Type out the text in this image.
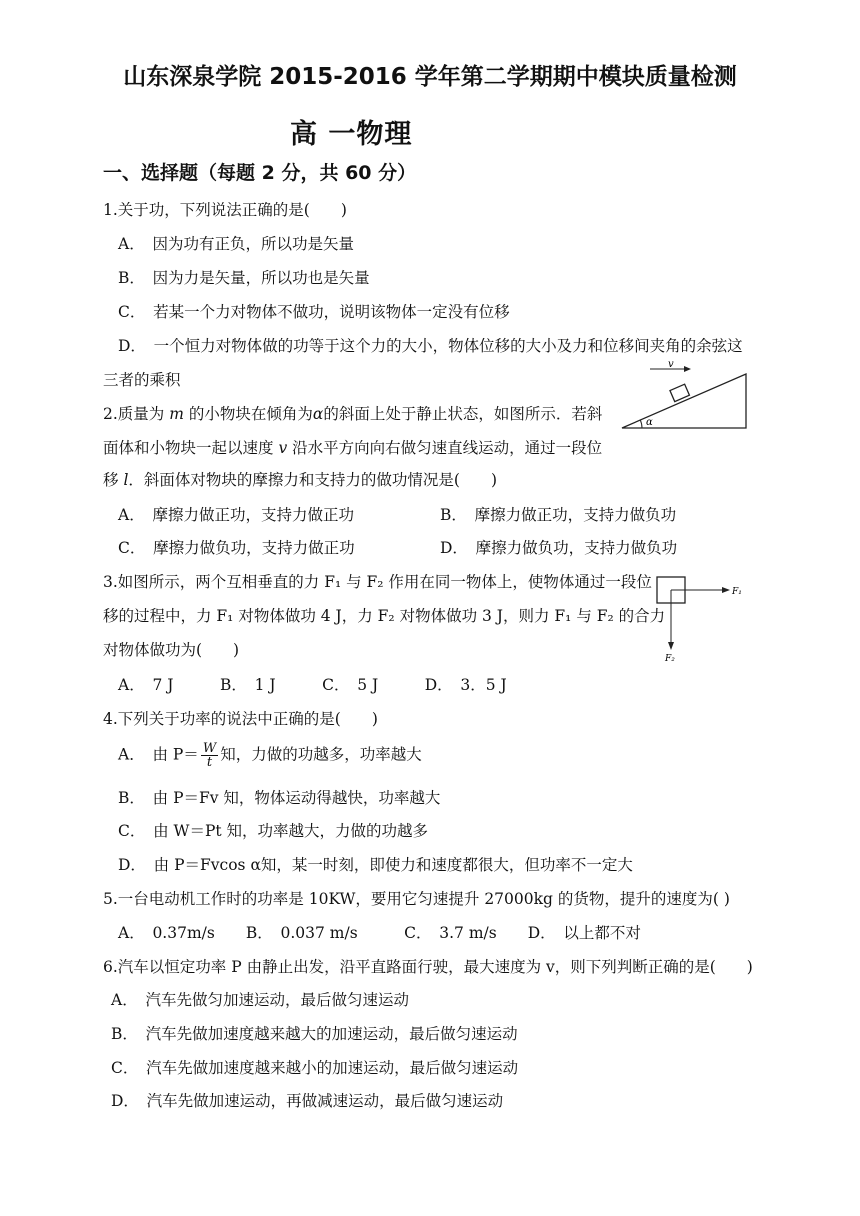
山东深泉学院 2015-2016 学年第二学期期中模块质量检测
高 一物理
一、选择题（每题 2 分，共 60 分）
1.关于功，下列说法正确的是(　　)
A．　因为功有正负，所以功是矢量
B．　因为力是矢量，所以功也是矢量
C．　若某一个力对物体不做功，说明该物体一定没有位移
D．　一个恒力对物体做的功等于这个力的大小，物体位移的大小及力和位移间夹角的余弦这
三者的乘积
2.质量为 m 的小物块在倾角为α的斜面上处于静止状态，如图所示．若斜
面体和小物块一起以速度 v 沿水平方向向右做匀速直线运动，通过一段位
移 l．斜面体对物块的摩擦力和支持力的做功情况是(　　)
A．　摩擦力做正功，支持力做正功	B．　摩擦力做正功，支持力做负功
C．　摩擦力做负功，支持力做正功	D．　摩擦力做负功，支持力做负功
v
α
3.如图所示，两个互相垂直的力 F₁ 与 F₂ 作用在同一物体上，使物体通过一段位
移的过程中，力 F₁ 对物体做功 4 J，力 F₂ 对物体做功 3 J，则力 F₁ 与 F₂ 的合力
对物体做功为(　　)
A．　7 J　　　B．　1 J　　　C．　5 J　　　D．　3．5 J
F₁
F₂
4.下列关于功率的说法中正确的是(　　)
A．　由 $P= \frac{W}{t}$ 知，力做的功越多，功率越大
B．　由 P＝Fv 知，物体运动得越快，功率越大
C．　由 W＝Pt 知，功率越大，力做的功越多
D．　由 P＝Fvcos α知，某一时刻，即使力和速度都很大，但功率不一定大
5.一台电动机工作时的功率是 10KW，要用它匀速提升 27000kg 的货物，提升的速度为( )
A．　0.37m/s　　B．　0.037 m/s　　　C．　3.7 m/s　　D．　以上都不对
6.汽车以恒定功率 P 由静止出发，沿平直路面行驶，最大速度为 v，则下列判断正确的是(　　)
A．　汽车先做匀加速运动，最后做匀速运动
B．　汽车先做加速度越来越大的加速运动，最后做匀速运动
C．　汽车先做加速度越来越小的加速运动，最后做匀速运动
D．　汽车先做加速运动，再做减速运动，最后做匀速运动
